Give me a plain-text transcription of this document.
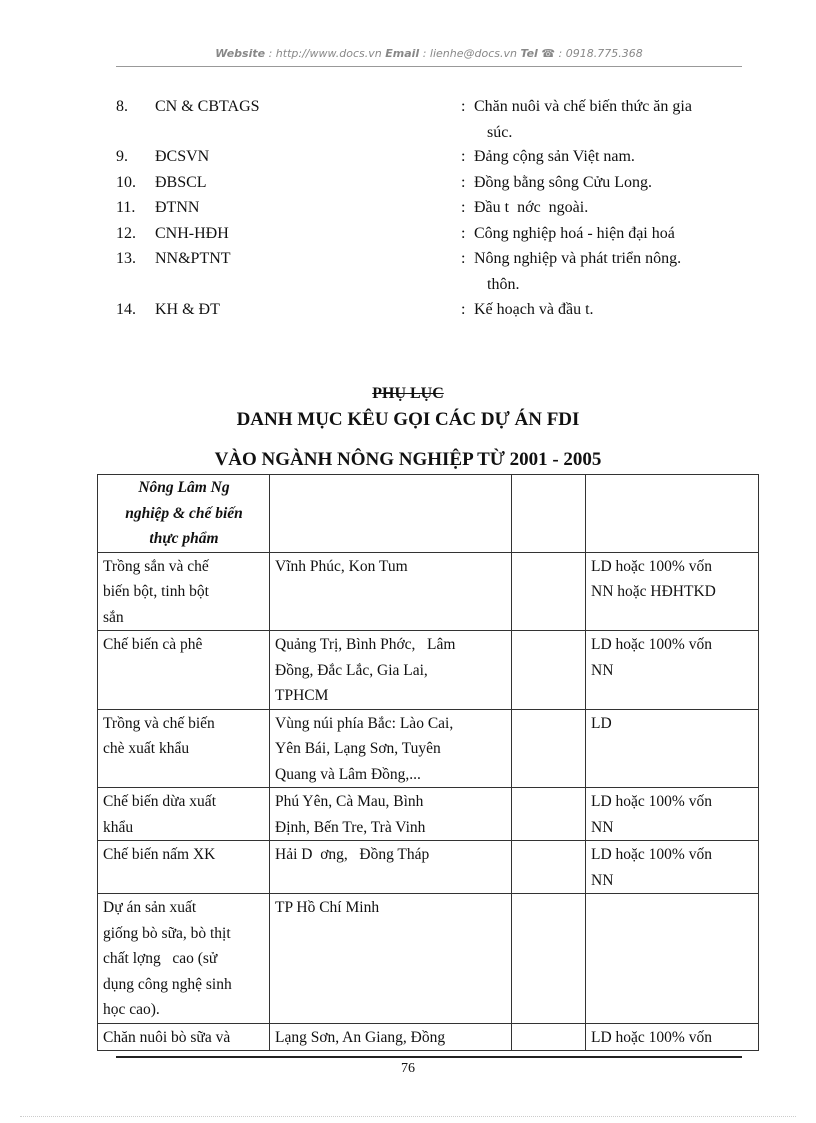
Website : http://www.docs.vn Email : lienhe@docs.vn Tel ☎ : 0918.775.368
8.	CN & CBTAGS	: Chăn nuôi và chế biến thức ăn gia
súc.
9.	ĐCSVN	: Đảng cộng sản Việt nam.
10.	ĐBSCL	: Đồng bằng sông Cửu Long.
11.	ĐTNN	: Đầu t  nớc  ngoài.
12.	CNH-HĐH	: Công nghiệp hoá - hiện đại hoá
13.	NN&PTNT	: Nông nghiệp và phát triển nông.
thôn.
14.	KH & ĐT	: Kế hoạch và đầu t.
PHỤ LỤC
DANH MỤC KÊU GỌI CÁC DỰ ÁN FDI
VÀO NGÀNH NÔNG NGHIỆP TỪ 2001 - 2005
Nông Lâm Ng
nghiệp & chế biến
thực phẩm			
Trồng sắn và chế
biến bột, tinh bột
sắn	Vĩnh Phúc, Kon Tum		LD hoặc 100% vốn
NN hoặc HĐHTKD
Chế biến cà phê	Quảng Trị, Bình Phớc,   Lâm
Đồng, Đắc Lắc, Gia Lai,
TPHCM		LD hoặc 100% vốn
NN
Trồng và chế biến
chè xuất khẩu	Vùng núi phía Bắc: Lào Cai,
Yên Bái, Lạng Sơn, Tuyên
Quang và Lâm Đồng,...		LD
Chế biến dừa xuất
khẩu	Phú Yên, Cà Mau, Bình
Định, Bến Tre, Trà Vinh		LD hoặc 100% vốn
NN
Chế biến nấm XK	Hải D  ơng,   Đồng Tháp		LD hoặc 100% vốn
NN
Dự án sản xuất
giống bò sữa, bò thịt
chất lợng   cao (sử
dụng công nghệ sinh
học cao).	TP Hồ Chí Minh		
Chăn nuôi bò sữa và	Lạng Sơn, An Giang, Đồng		LD hoặc 100% vốn
76
